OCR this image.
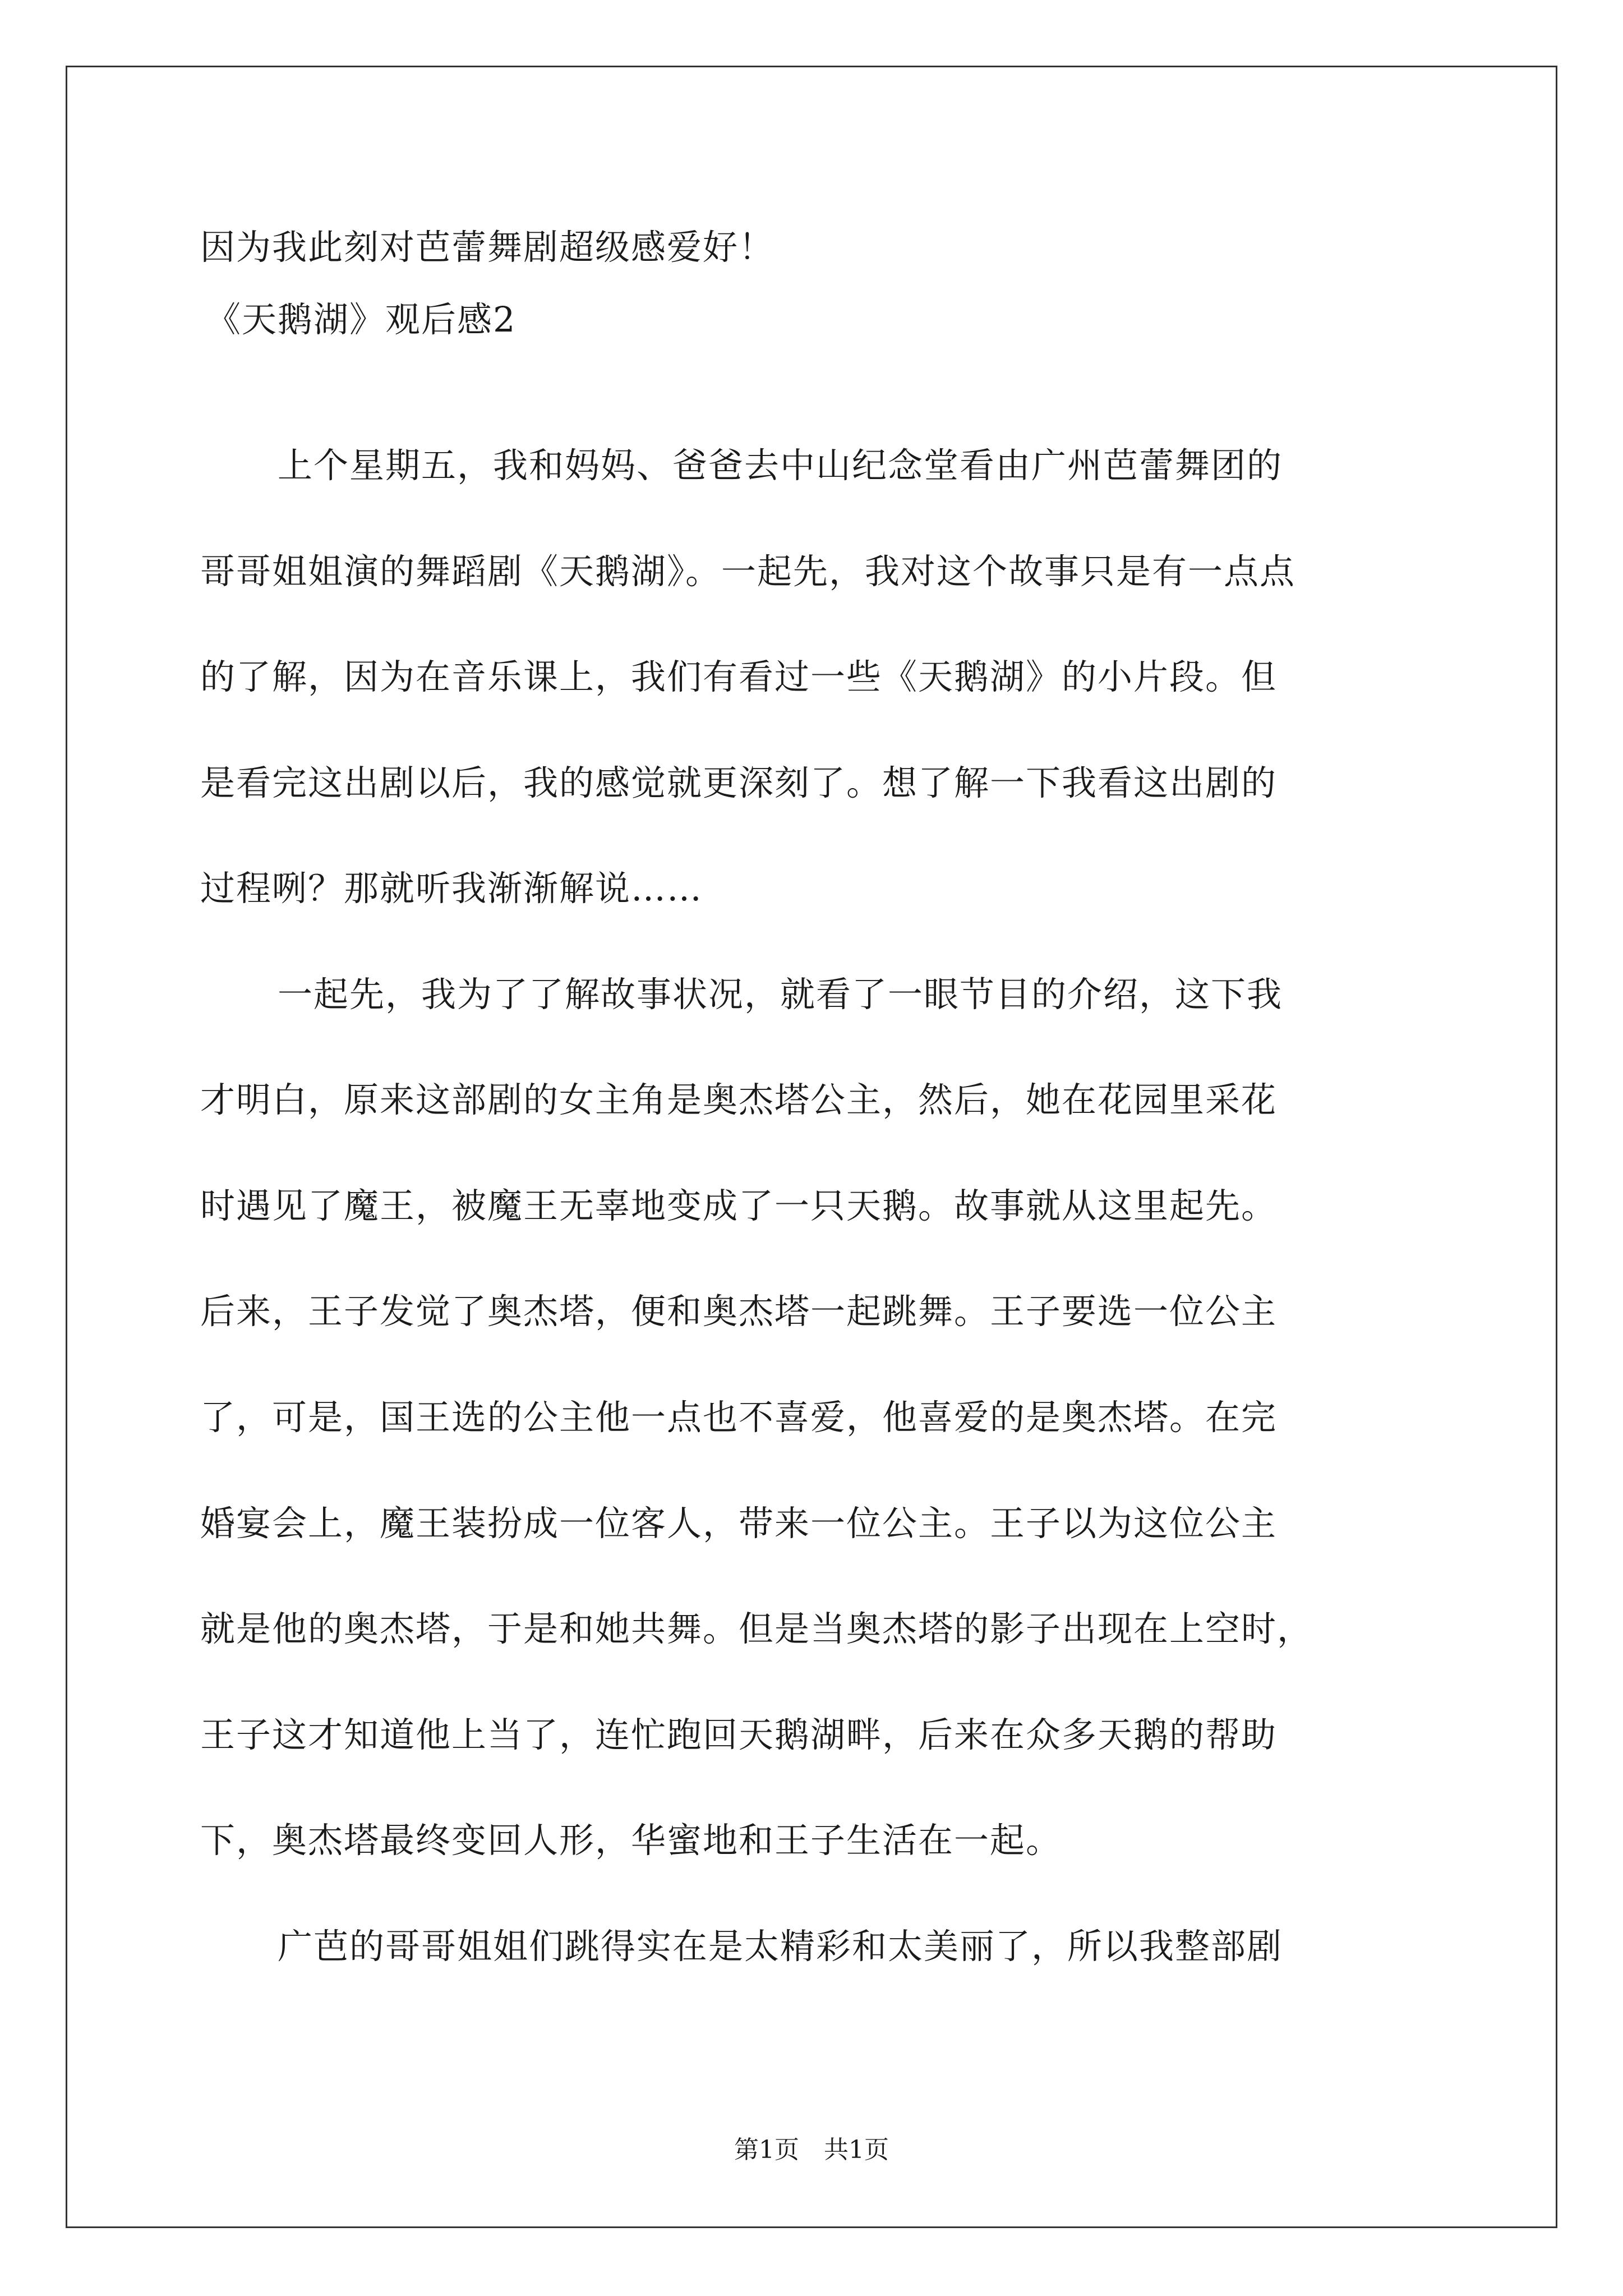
因为我此刻对芭蕾舞剧超级感爱好！
《天鹅湖》观后感2
上个星期五，我和妈妈、爸爸去中山纪念堂看由广州芭蕾舞团的
哥哥姐姐演的舞蹈剧《天鹅湖》。一起先，我对这个故事只是有一点点
的了解，因为在音乐课上，我们有看过一些《天鹅湖》的小片段。但
是看完这出剧以后，我的感觉就更深刻了。想了解一下我看这出剧的
过程咧？那就听我渐渐解说……
一起先，我为了了解故事状况，就看了一眼节目的介绍，这下我
才明白，原来这部剧的女主角是奥杰塔公主，然后，她在花园里采花
时遇见了魔王，被魔王无辜地变成了一只天鹅。故事就从这里起先。
后来，王子发觉了奥杰塔，便和奥杰塔一起跳舞。王子要选一位公主
了，可是，国王选的公主他一点也不喜爱，他喜爱的是奥杰塔。在完
婚宴会上，魔王装扮成一位客人，带来一位公主。王子以为这位公主
就是他的奥杰塔，于是和她共舞。但是当奥杰塔的影子出现在上空时，
王子这才知道他上当了，连忙跑回天鹅湖畔，后来在众多天鹅的帮助
下，奥杰塔最终变回人形，华蜜地和王子生活在一起。
广芭的哥哥姐姐们跳得实在是太精彩和太美丽了，所以我整部剧
第1页　共1页
